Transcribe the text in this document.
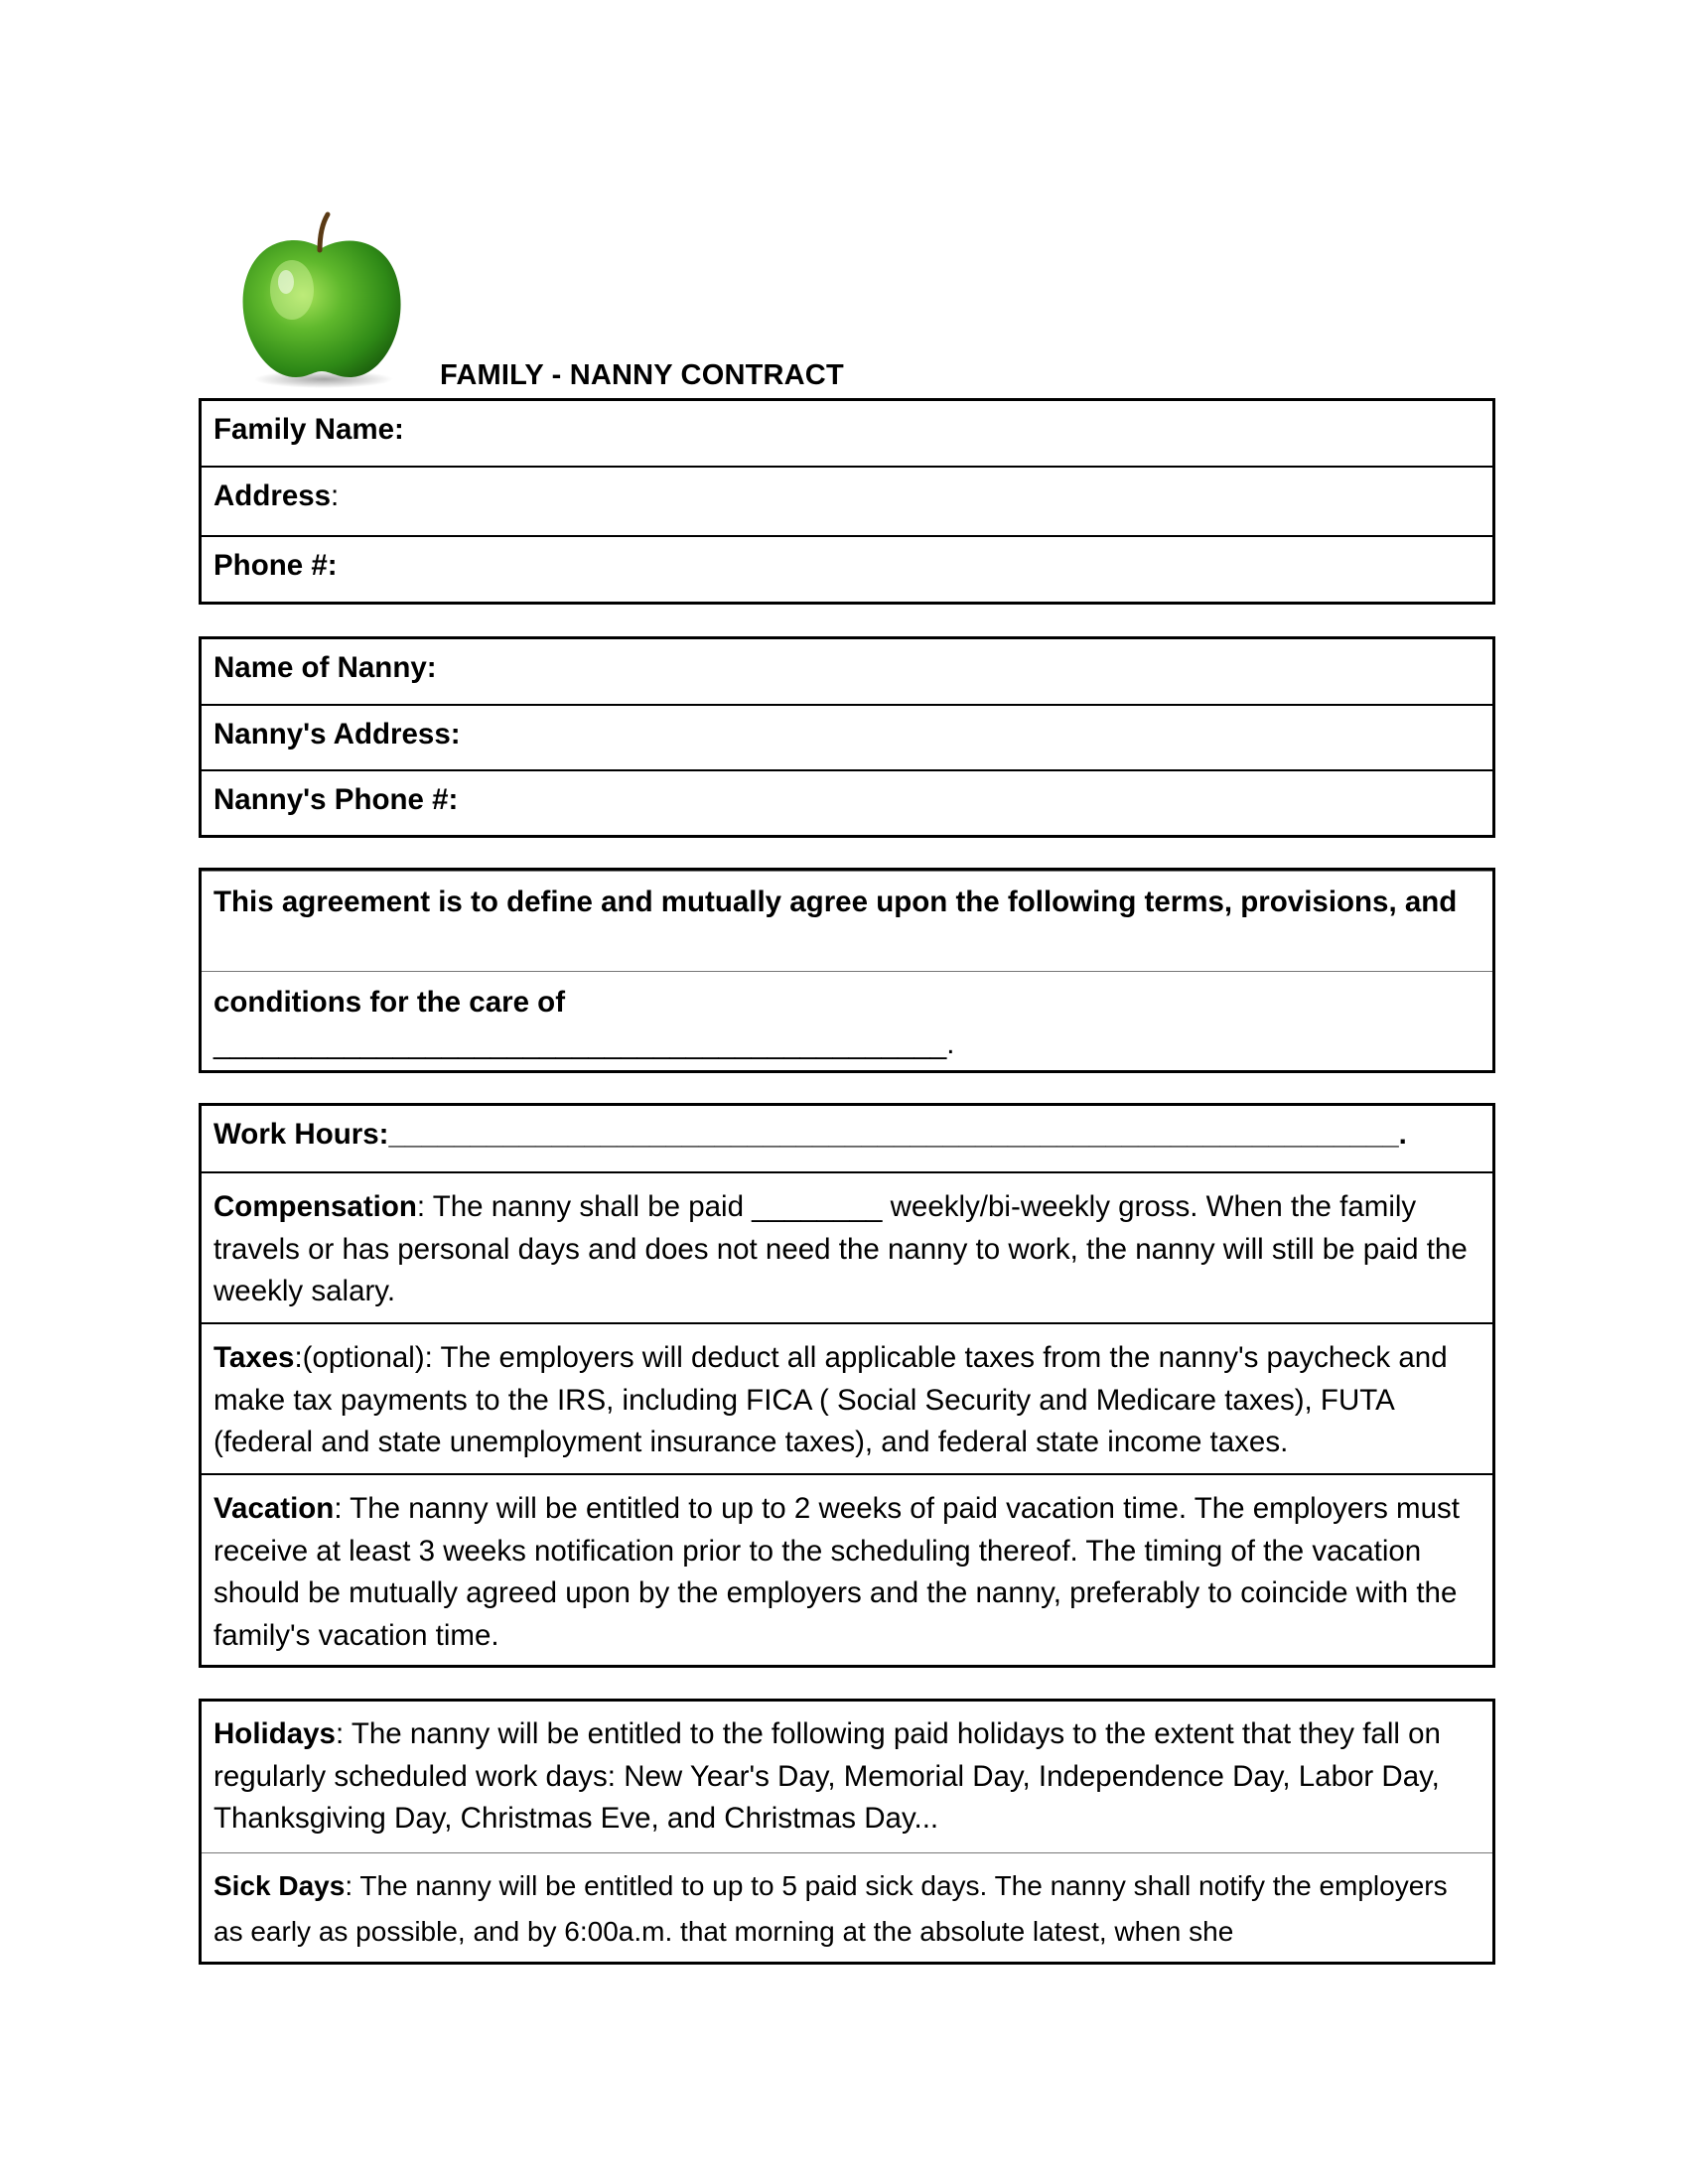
FAMILY - NANNY CONTRACT
Family Name:
Address:
Phone #:
Name of Nanny:
Nanny's Address:
Nanny's Phone #:
This agreement is to define and mutually agree upon the following terms, provisions, and
conditions for the care of
_____________________________________________.
Work Hours:______________________________________________________________.
Compensation: The nanny shall be paid ________ weekly/bi-weekly gross. When the family travels or has personal days and does not need the nanny to work, the nanny will still be paid the weekly salary.
Taxes:(optional): The employers will deduct all applicable taxes from the nanny's paycheck and make tax payments to the IRS, including FICA ( Social Security and Medicare taxes), FUTA (federal and state unemployment insurance taxes), and federal state income taxes.
Vacation: The nanny will be entitled to up to 2 weeks of paid vacation time. The employers must receive at least 3 weeks notification prior to the scheduling thereof. The timing of the vacation should be mutually agreed upon by the employers and the nanny, preferably to coincide with the family's vacation time.
Holidays: The nanny will be entitled to the following paid holidays to the extent that they fall on regularly scheduled work days: New Year's Day, Memorial Day, Independence Day, Labor Day, Thanksgiving Day, Christmas Eve, and Christmas Day...
Sick Days: The nanny will be entitled to up to 5 paid sick days. The nanny shall notify the employers as early as possible, and by 6:00a.m. that morning at the absolute latest, when she
